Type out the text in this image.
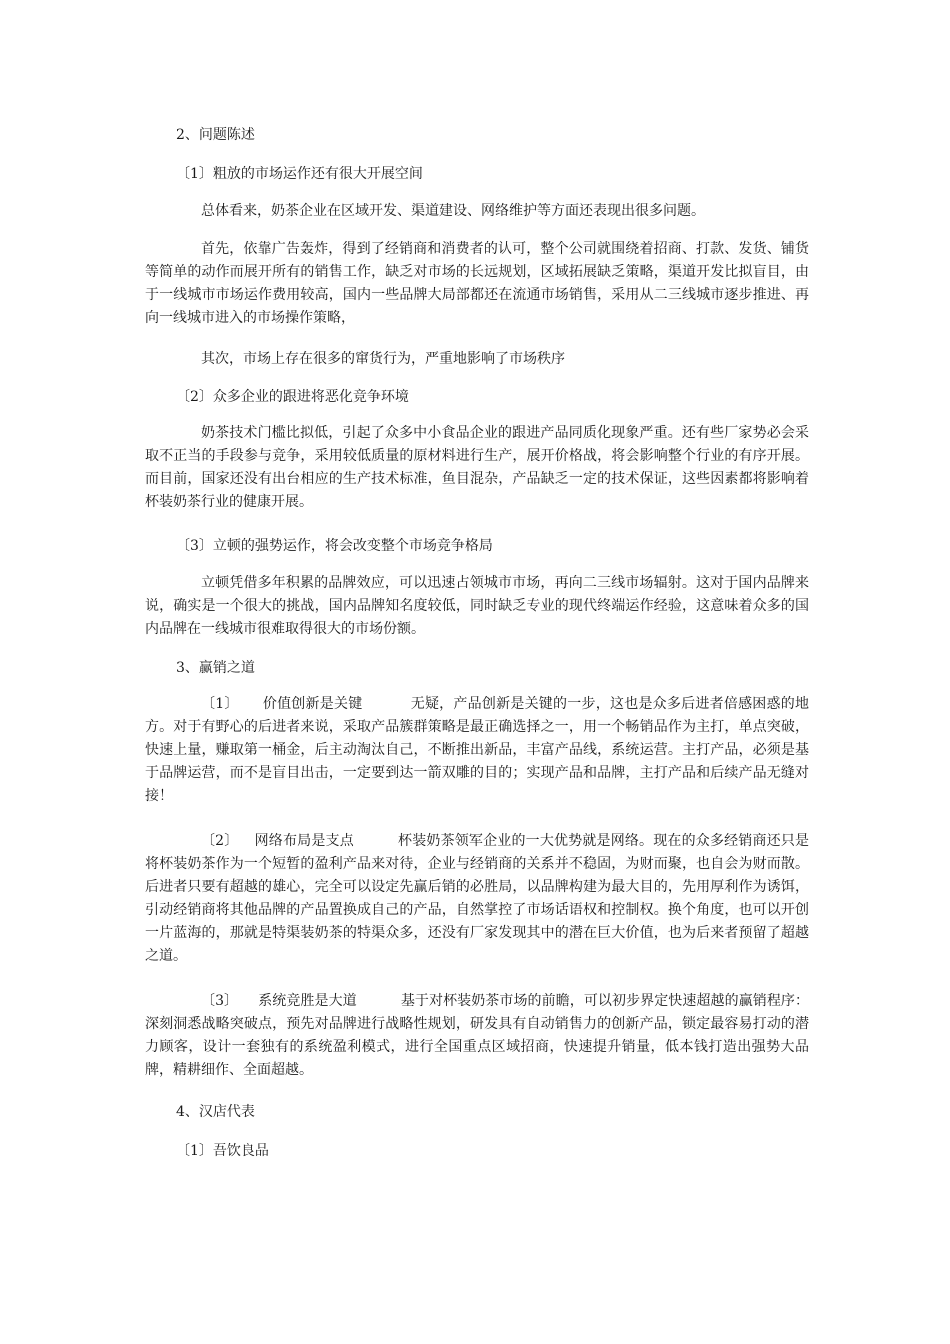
2、问题陈述
〔1〕粗放的市场运作还有很大开展空间
总体看来，奶茶企业在区域开发、渠道建设、网络维护等方面还表现出很多问题。
首先，依靠广告轰炸，得到了经销商和消费者的认可，整个公司就围绕着招商、打款、发货、铺货等简单的动作而展开所有的销售工作，缺乏对市场的长远规划，区域拓展缺乏策略，渠道开发比拟盲目，由于一线城市市场运作费用较高，国内一些品牌大局部都还在流通市场销售，采用从二三线城市逐步推进、再向一线城市进入的市场操作策略，
其次，市场上存在很多的窜货行为，严重地影响了市场秩序
〔2〕众多企业的跟进将恶化竞争环境
奶茶技术门槛比拟低，引起了众多中小食品企业的跟进产品同质化现象严重。还有些厂家势必会采取不正当的手段参与竞争，采用较低质量的原材料进行生产，展开价格战，将会影响整个行业的有序开展。而目前，国家还没有出台相应的生产技术标准，鱼目混杂，产品缺乏一定的技术保证，这些因素都将影响着杯装奶茶行业的健康开展。
〔3〕立顿的强势运作，将会改变整个市场竞争格局
立顿凭借多年积累的品牌效应，可以迅速占领城市市场，再向二三线市场辐射。这对于国内品牌来说，确实是一个很大的挑战，国内品牌知名度较低，同时缺乏专业的现代终端运作经验，这意味着众多的国内品牌在一线城市很难取得很大的市场份额。
3、赢销之道
〔1〕 价值创新是关键	无疑，产品创新是关键的一步，这也是众多后进者倍感困惑的地方。对于有野心的后进者来说，采取产品簇群策略是最正确选择之一，用一个畅销品作为主打，单点突破，快速上量，赚取第一桶金，后主动淘汰自己，不断推出新品，丰富产品线，系统运营。主打产品，必须是基于品牌运营，而不是盲目出击，一定要到达一箭双雕的目的；实现产品和品牌，主打产品和后续产品无缝对接！
〔2〕 网络布局是支点	杯装奶茶领军企业的一大优势就是网络。现在的众多经销商还只是将杯装奶茶作为一个短暂的盈利产品来对待，企业与经销商的关系并不稳固，为财而聚，也自会为财而散。后进者只要有超越的雄心，完全可以设定先赢后销的必胜局，以品牌构建为最大目的，先用厚利作为诱饵，引动经销商将其他品牌的产品置换成自己的产品，自然掌控了市场话语权和控制权。换个角度，也可以开创一片蓝海的，那就是特渠装奶茶的特渠众多，还没有厂家发现其中的潜在巨大价值，也为后来者预留了超越之道。
〔3〕 系统竞胜是大道	基于对杯装奶茶市场的前瞻，可以初步界定快速超越的赢销程序：深刻洞悉战略突破点，预先对品牌进行战略性规划，研发具有自动销售力的创新产品，锁定最容易打动的潜力顾客，设计一套独有的系统盈利模式，进行全国重点区域招商，快速提升销量，低本钱打造出强势大品牌，精耕细作、全面超越。
4、汉店代表
〔1〕吾饮良品
